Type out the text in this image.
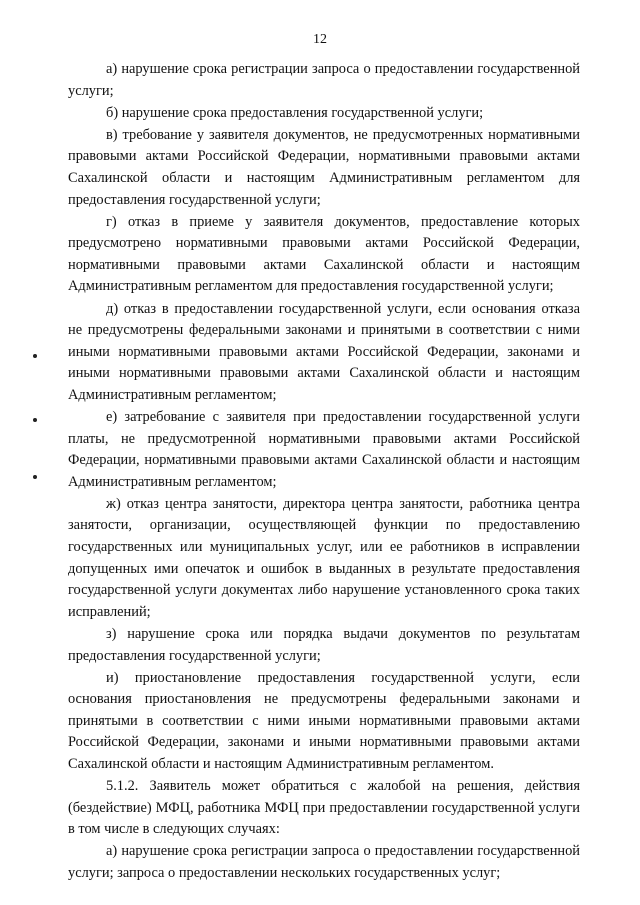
12

а) нарушение срока регистрации запроса о предоставлении государственной услуги;

б) нарушение срока предоставления государственной услуги;

в) требование у заявителя документов, не предусмотренных нормативными правовыми актами Российской Федерации, нормативными правовыми актами Сахалинской области и настоящим Административным регламентом для предоставления государственной услуги;

г) отказ в приеме у заявителя документов, предоставление которых предусмотрено нормативными правовыми актами Российской Федерации, нормативными правовыми актами Сахалинской области и настоящим Административным регламентом для предоставления государственной услуги;

д) отказ в предоставлении государственной услуги, если основания отказа не предусмотрены федеральными законами и принятыми в соответствии с ними иными нормативными правовыми актами Российской Федерации, законами и иными нормативными правовыми актами Сахалинской области и настоящим Административным регламентом;

е) затребование с заявителя при предоставлении государственной услуги платы, не предусмотренной нормативными правовыми актами Российской Федерации, нормативными правовыми актами Сахалинской области и настоящим Административным регламентом;

ж) отказ центра занятости, директора центра занятости, работника центра занятости, организации, осуществляющей функции по предоставлению государственных или муниципальных услуг, или ее работников в исправлении допущенных ими опечаток и ошибок в выданных в результате предоставления государственной услуги документах либо нарушение установленного срока таких исправлений;

з) нарушение срока или порядка выдачи документов по результатам предоставления государственной услуги;

и) приостановление предоставления государственной услуги, если основания приостановления не предусмотрены федеральными законами и принятыми в соответствии с ними иными нормативными правовыми актами Российской Федерации, законами и иными нормативными правовыми актами Сахалинской области и настоящим Административным регламентом.

5.1.2. Заявитель может обратиться с жалобой на решения, действия (бездействие) МФЦ, работника МФЦ при предоставлении государственной услуги в том числе в следующих случаях:

а) нарушение срока регистрации запроса о предоставлении государственной услуги; запроса о предоставлении нескольких государственных услуг;
